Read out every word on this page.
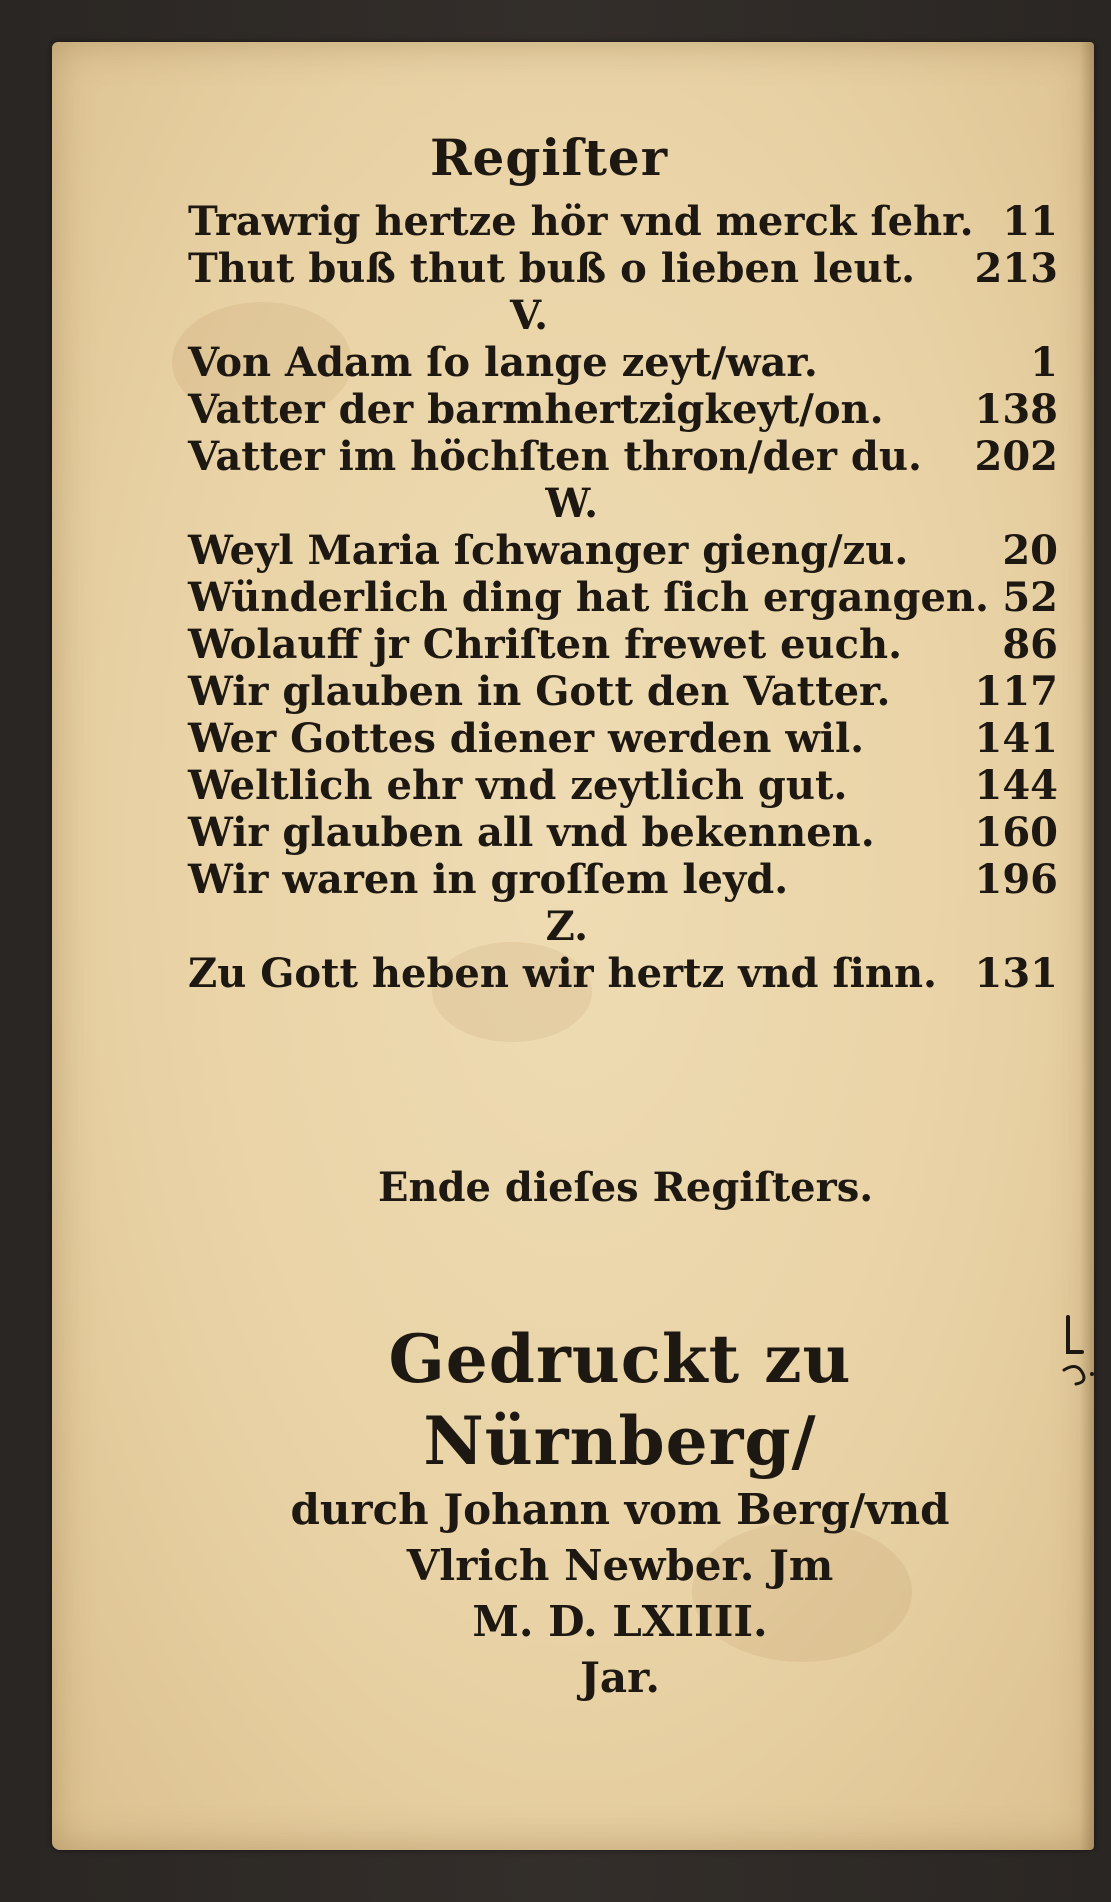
Regiſter
Trawrig hertze hör vnd merck ſehr. 11
Thut buß thut buß o lieben leut. 213
V.
Von Adam ſo lange zeyt/war.	1
Vatter der barmhertzigkeyt/on. 138
Vatter im höchſten thron/der du. 202
W.
Weyl Maria ſchwanger gieng/zu.	20
Wünderlich ding hat ſich ergangen. 52
Wolauff jr Chriſten frewet euch.	86
Wir glauben in Gott den Vatter. 117
Wer Gottes diener werden wil.	141
Weltlich ehr vnd zeytlich gut.	144
Wir glauben all vnd bekennen. 160
Wir waren in groſſem leyd.	196
Z.
Zu Gott heben wir hertz vnd ſinn. 131
Ende dieſes Regiſters.
Gedruckt zu Nürnberg/
durch Johann vom Berg/vnd
Vlrich Newber. Jm
M. D. LXIIII.
Jar.
